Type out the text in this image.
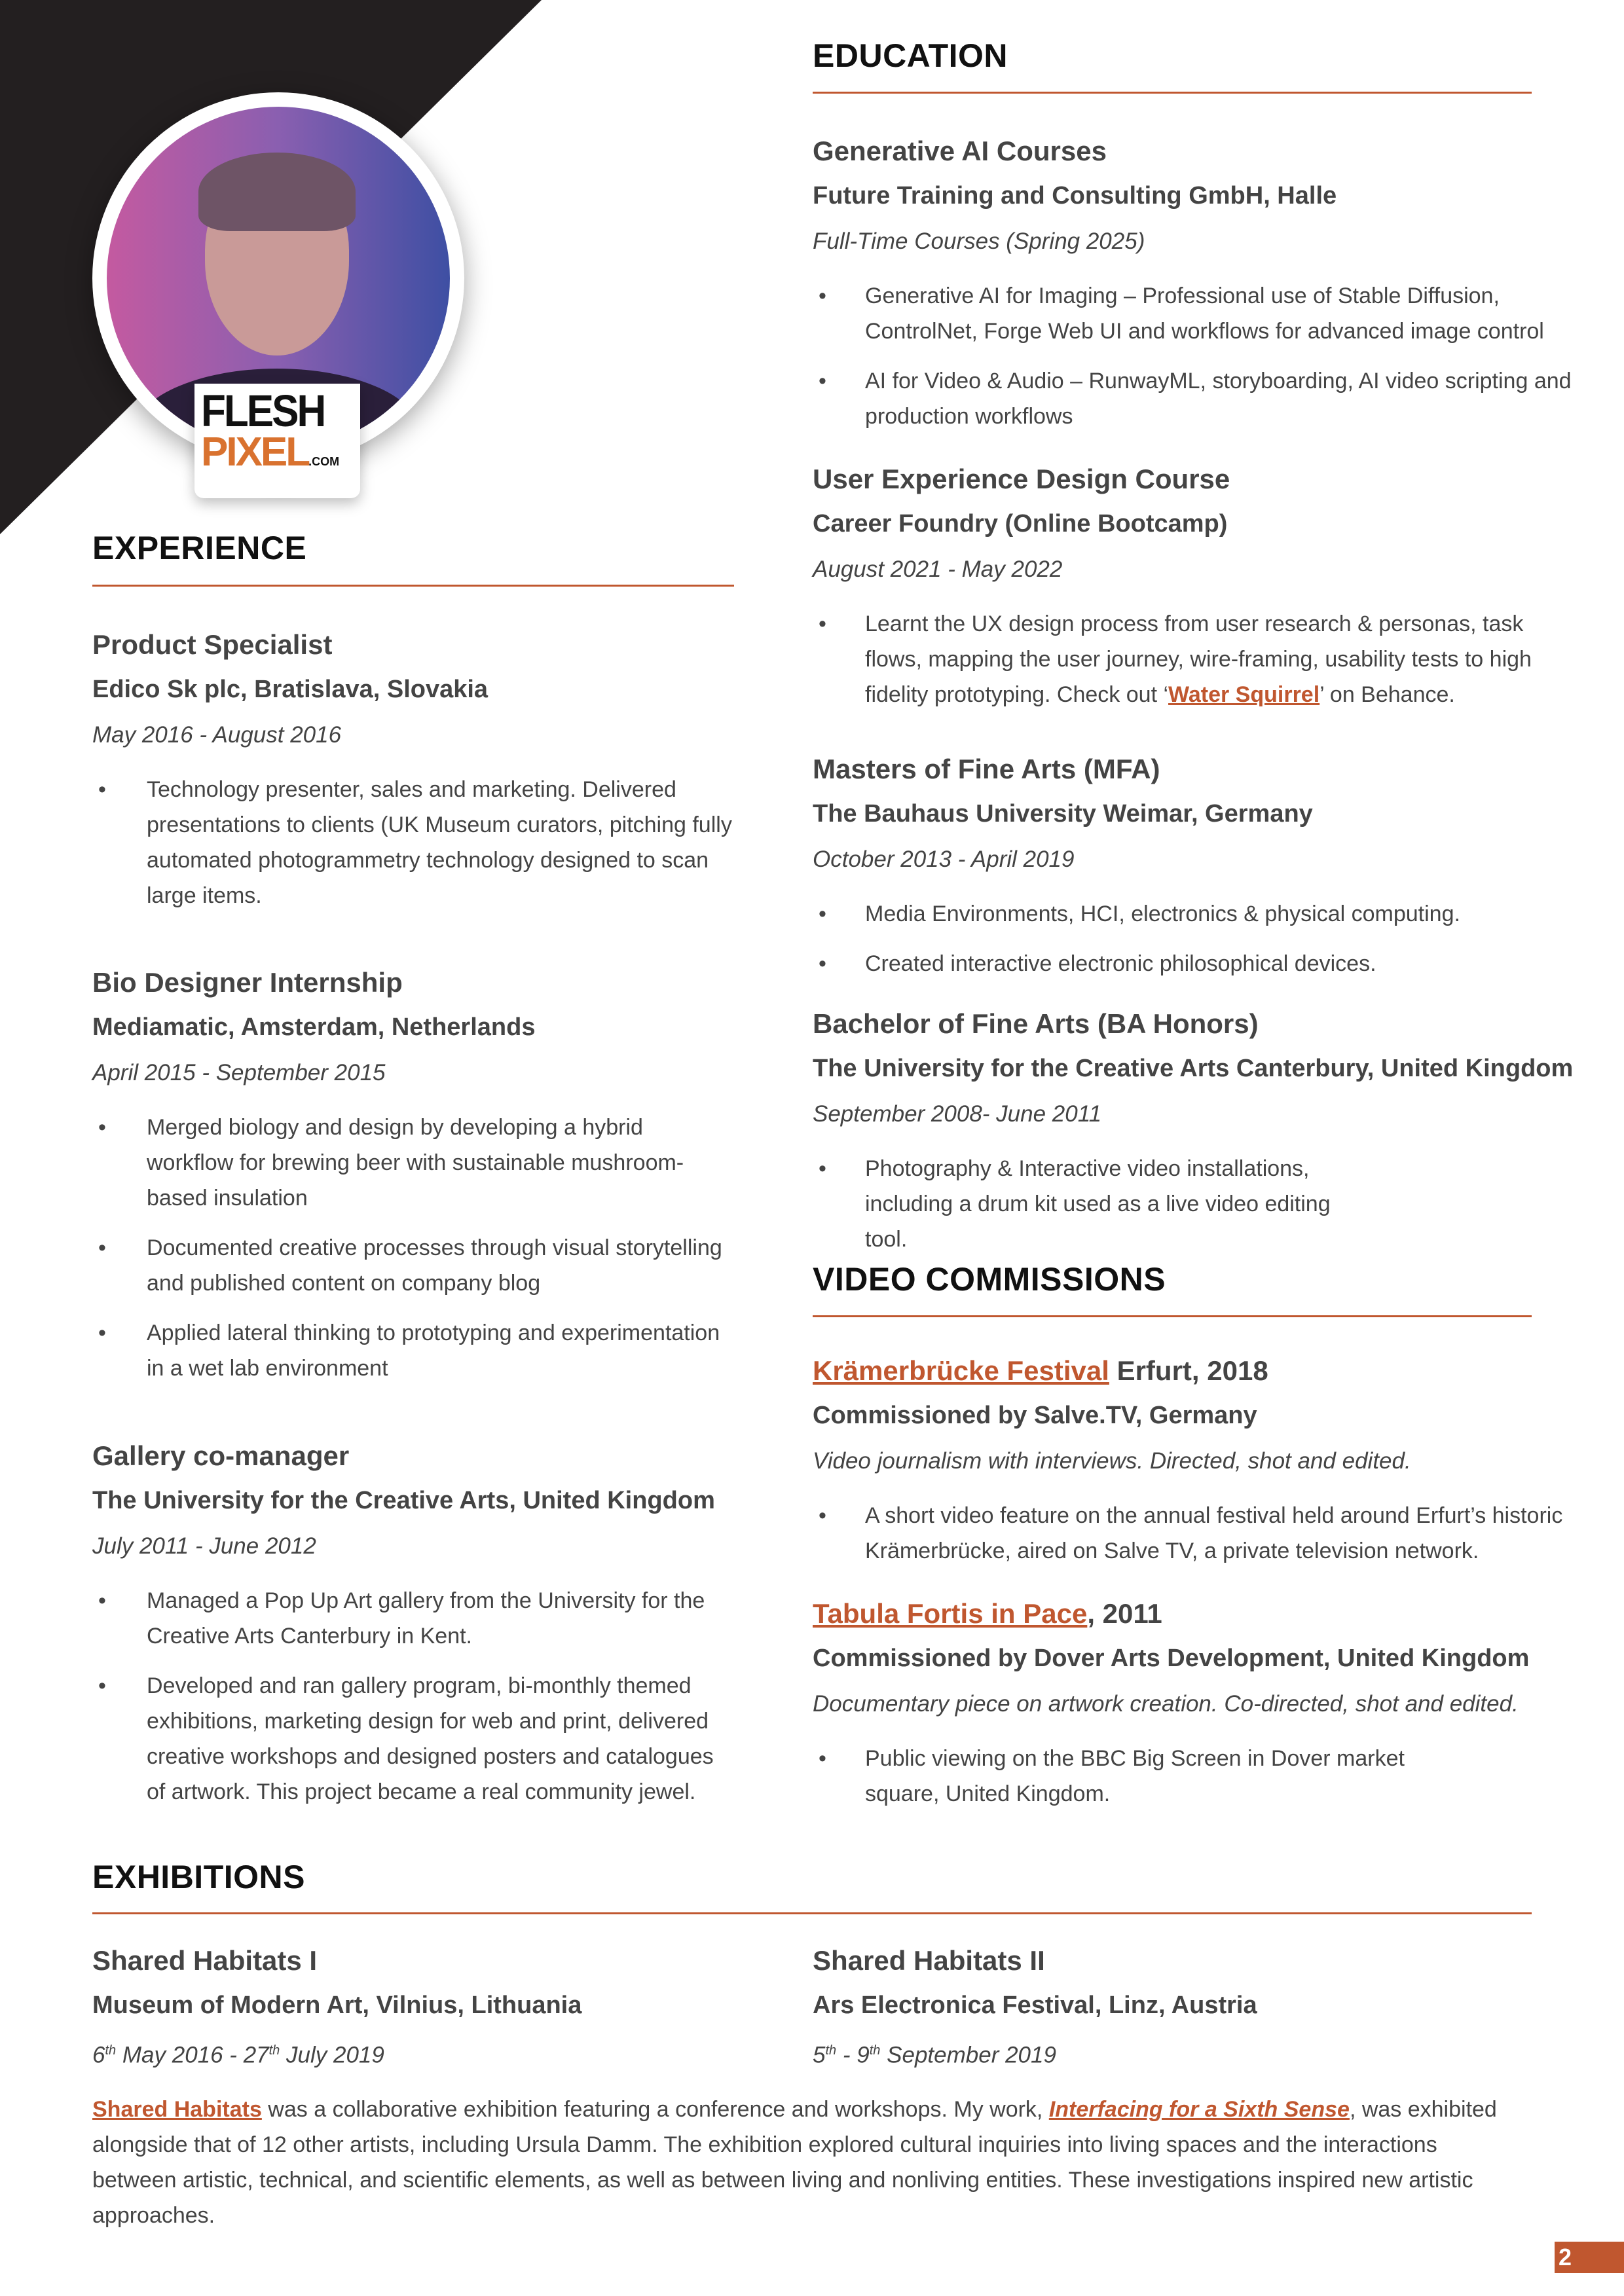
FLESH
PIXEL.COM
EXPERIENCE
EDUCATION
VIDEO COMMISSIONS
EXHIBITIONS
Product Specialist
Edico Sk plc, Bratislava, Slovakia
May 2016 - August 2016
• Technology presenter, sales and marketing. Delivered presentations to clients (UK Museum curators, pitching fully automated photogrammetry technology designed to scan large items.
Bio Designer Internship
Mediamatic, Amsterdam, Netherlands
April 2015 - September 2015
• Merged biology and design by developing a hybrid workflow for brewing beer with sustainable mushroom-based insulation
• Documented creative processes through visual storytelling and published content on company blog
• Applied lateral thinking to prototyping and experimentation in a wet lab environment
Gallery co-manager
The University for the Creative Arts, United Kingdom
July 2011 - June 2012
• Managed a Pop Up Art gallery from the University for the Creative Arts Canterbury in Kent.
• Developed and ran gallery program, bi-monthly themed exhibitions, marketing design for web and print, delivered creative workshops and designed posters and catalogues of artwork. This project became a real community jewel.
Generative AI Courses
Future Training and Consulting GmbH, Halle
Full-Time Courses (Spring 2025)
• Generative AI for Imaging – Professional use of Stable Diffusion, ControlNet, Forge Web UI and workflows for advanced image control
• AI for Video & Audio – RunwayML, storyboarding, AI video scripting and production workflows
User Experience Design Course
Career Foundry (Online Bootcamp)
August 2021 - May 2022
• Learnt the UX design process from user research & personas, task flows, mapping the user journey, wire-framing, usability tests to high fidelity prototyping. Check out ‘Water Squirrel’ on Behance.
Masters of Fine Arts (MFA)
The Bauhaus University Weimar, Germany
October 2013 - April 2019
• Media Environments, HCI, electronics & physical computing.
• Created interactive electronic philosophical devices.
Bachelor of Fine Arts (BA Honors)
The University for the Creative Arts Canterbury, United Kingdom
September 2008- June 2011
• Photography & Interactive video installations, including a drum kit used as a live video editing tool.
Krämerbrücke Festival Erfurt, 2018
Commissioned by Salve.TV, Germany
Video journalism with interviews. Directed, shot and edited.
• A short video feature on the annual festival held around Erfurt’s historic Krämerbrücke, aired on Salve TV, a private television network.
Tabula Fortis in Pace, 2011
Commissioned by Dover Arts Development, United Kingdom
Documentary piece on artwork creation. Co-directed, shot and edited.
• Public viewing on the BBC Big Screen in Dover market square, United Kingdom.
Shared Habitats I
Museum of Modern Art, Vilnius, Lithuania
6th May 2016 - 27th July 2019
Shared Habitats II
Ars Electronica Festival, Linz, Austria
5th - 9th September 2019

Shared Habitats was a collaborative exhibition featuring a conference and workshops. My work, Interfacing for a Sixth Sense, was exhibited alongside that of 12 other artists, including Ursula Damm. The exhibition explored cultural inquiries into living spaces and the interactions between artistic, technical, and scientific elements, as well as between living and nonliving entities. These investigations inspired new artistic approaches.

2
